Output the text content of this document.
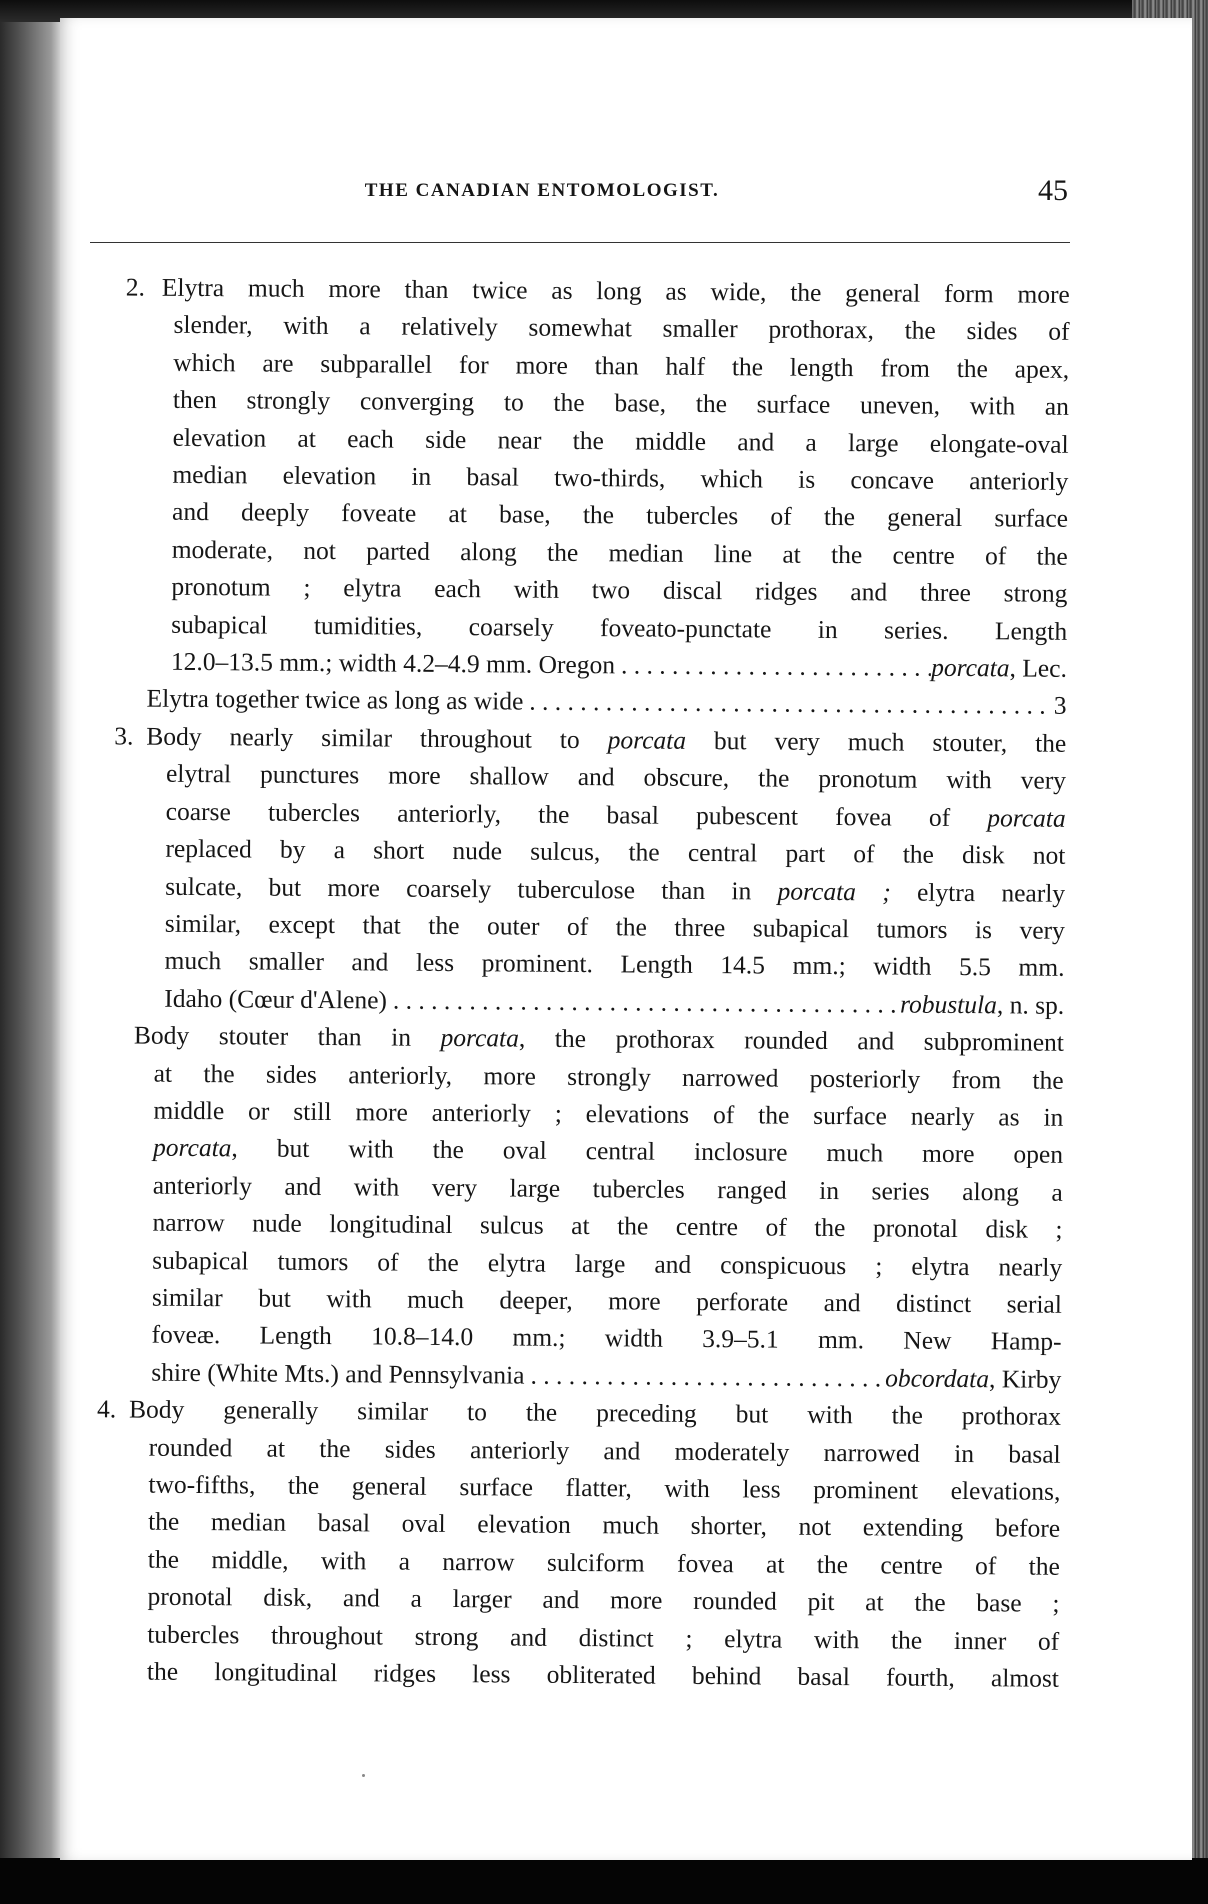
THE CANADIAN ENTOMOLOGIST.	45
2. Elytra much more than twice as long as wide, the general form more
slender, with a relatively somewhat smaller prothorax, the sides of
which are subparallel for more than half the length from the apex,
then strongly converging to the base, the surface uneven, with an
elevation at each side near the middle and a large elongate-oval
median elevation in basal two-thirds, which is concave anteriorly
and deeply foveate at base, the tubercles of the general surface
moderate, not parted along the median line at the centre of the
pronotum ; elytra each with two discal ridges and three strong
subapical tumidities, coarsely foveato-punctate in series. Length
12.0–13.5 mm.; width 4.2–4.9 mm. Oregon . . .	porcata, Lec.
Elytra together twice as long as wide . . .	3
3. Body nearly similar throughout to porcata but very much stouter, the
elytral punctures more shallow and obscure, the pronotum with very
coarse tubercles anteriorly, the basal pubescent fovea of porcata
replaced by a short nude sulcus, the central part of the disk not
sulcate, but more coarsely tuberculose than in porcata ; elytra nearly
similar, except that the outer of the three subapical tumors is very
much smaller and less prominent. Length 14.5 mm.; width 5.5 mm.
Idaho (Cœur d'Alene) . . .	robustula, n. sp.
Body stouter than in porcata, the prothorax rounded and subprominent
at the sides anteriorly, more strongly narrowed posteriorly from the
middle or still more anteriorly ; elevations of the surface nearly as in
porcata, but with the oval central inclosure much more open
anteriorly and with very large tubercles ranged in series along a
narrow nude longitudinal sulcus at the centre of the pronotal disk ;
subapical tumors of the elytra large and conspicuous ; elytra nearly
similar but with much deeper, more perforate and distinct serial
foveæ. Length 10.8–14.0 mm.; width 3.9–5.1 mm. New Hamp-
shire (White Mts.) and Pennsylvania . . .	obcordata, Kirby
4. Body generally similar to the preceding but with the prothorax
rounded at the sides anteriorly and moderately narrowed in basal
two-fifths, the general surface flatter, with less prominent elevations,
the median basal oval elevation much shorter, not extending before
the middle, with a narrow sulciform fovea at the centre of the
pronotal disk, and a larger and more rounded pit at the base ;
tubercles throughout strong and distinct ; elytra with the inner of
the longitudinal ridges less obliterated behind basal fourth, almost
